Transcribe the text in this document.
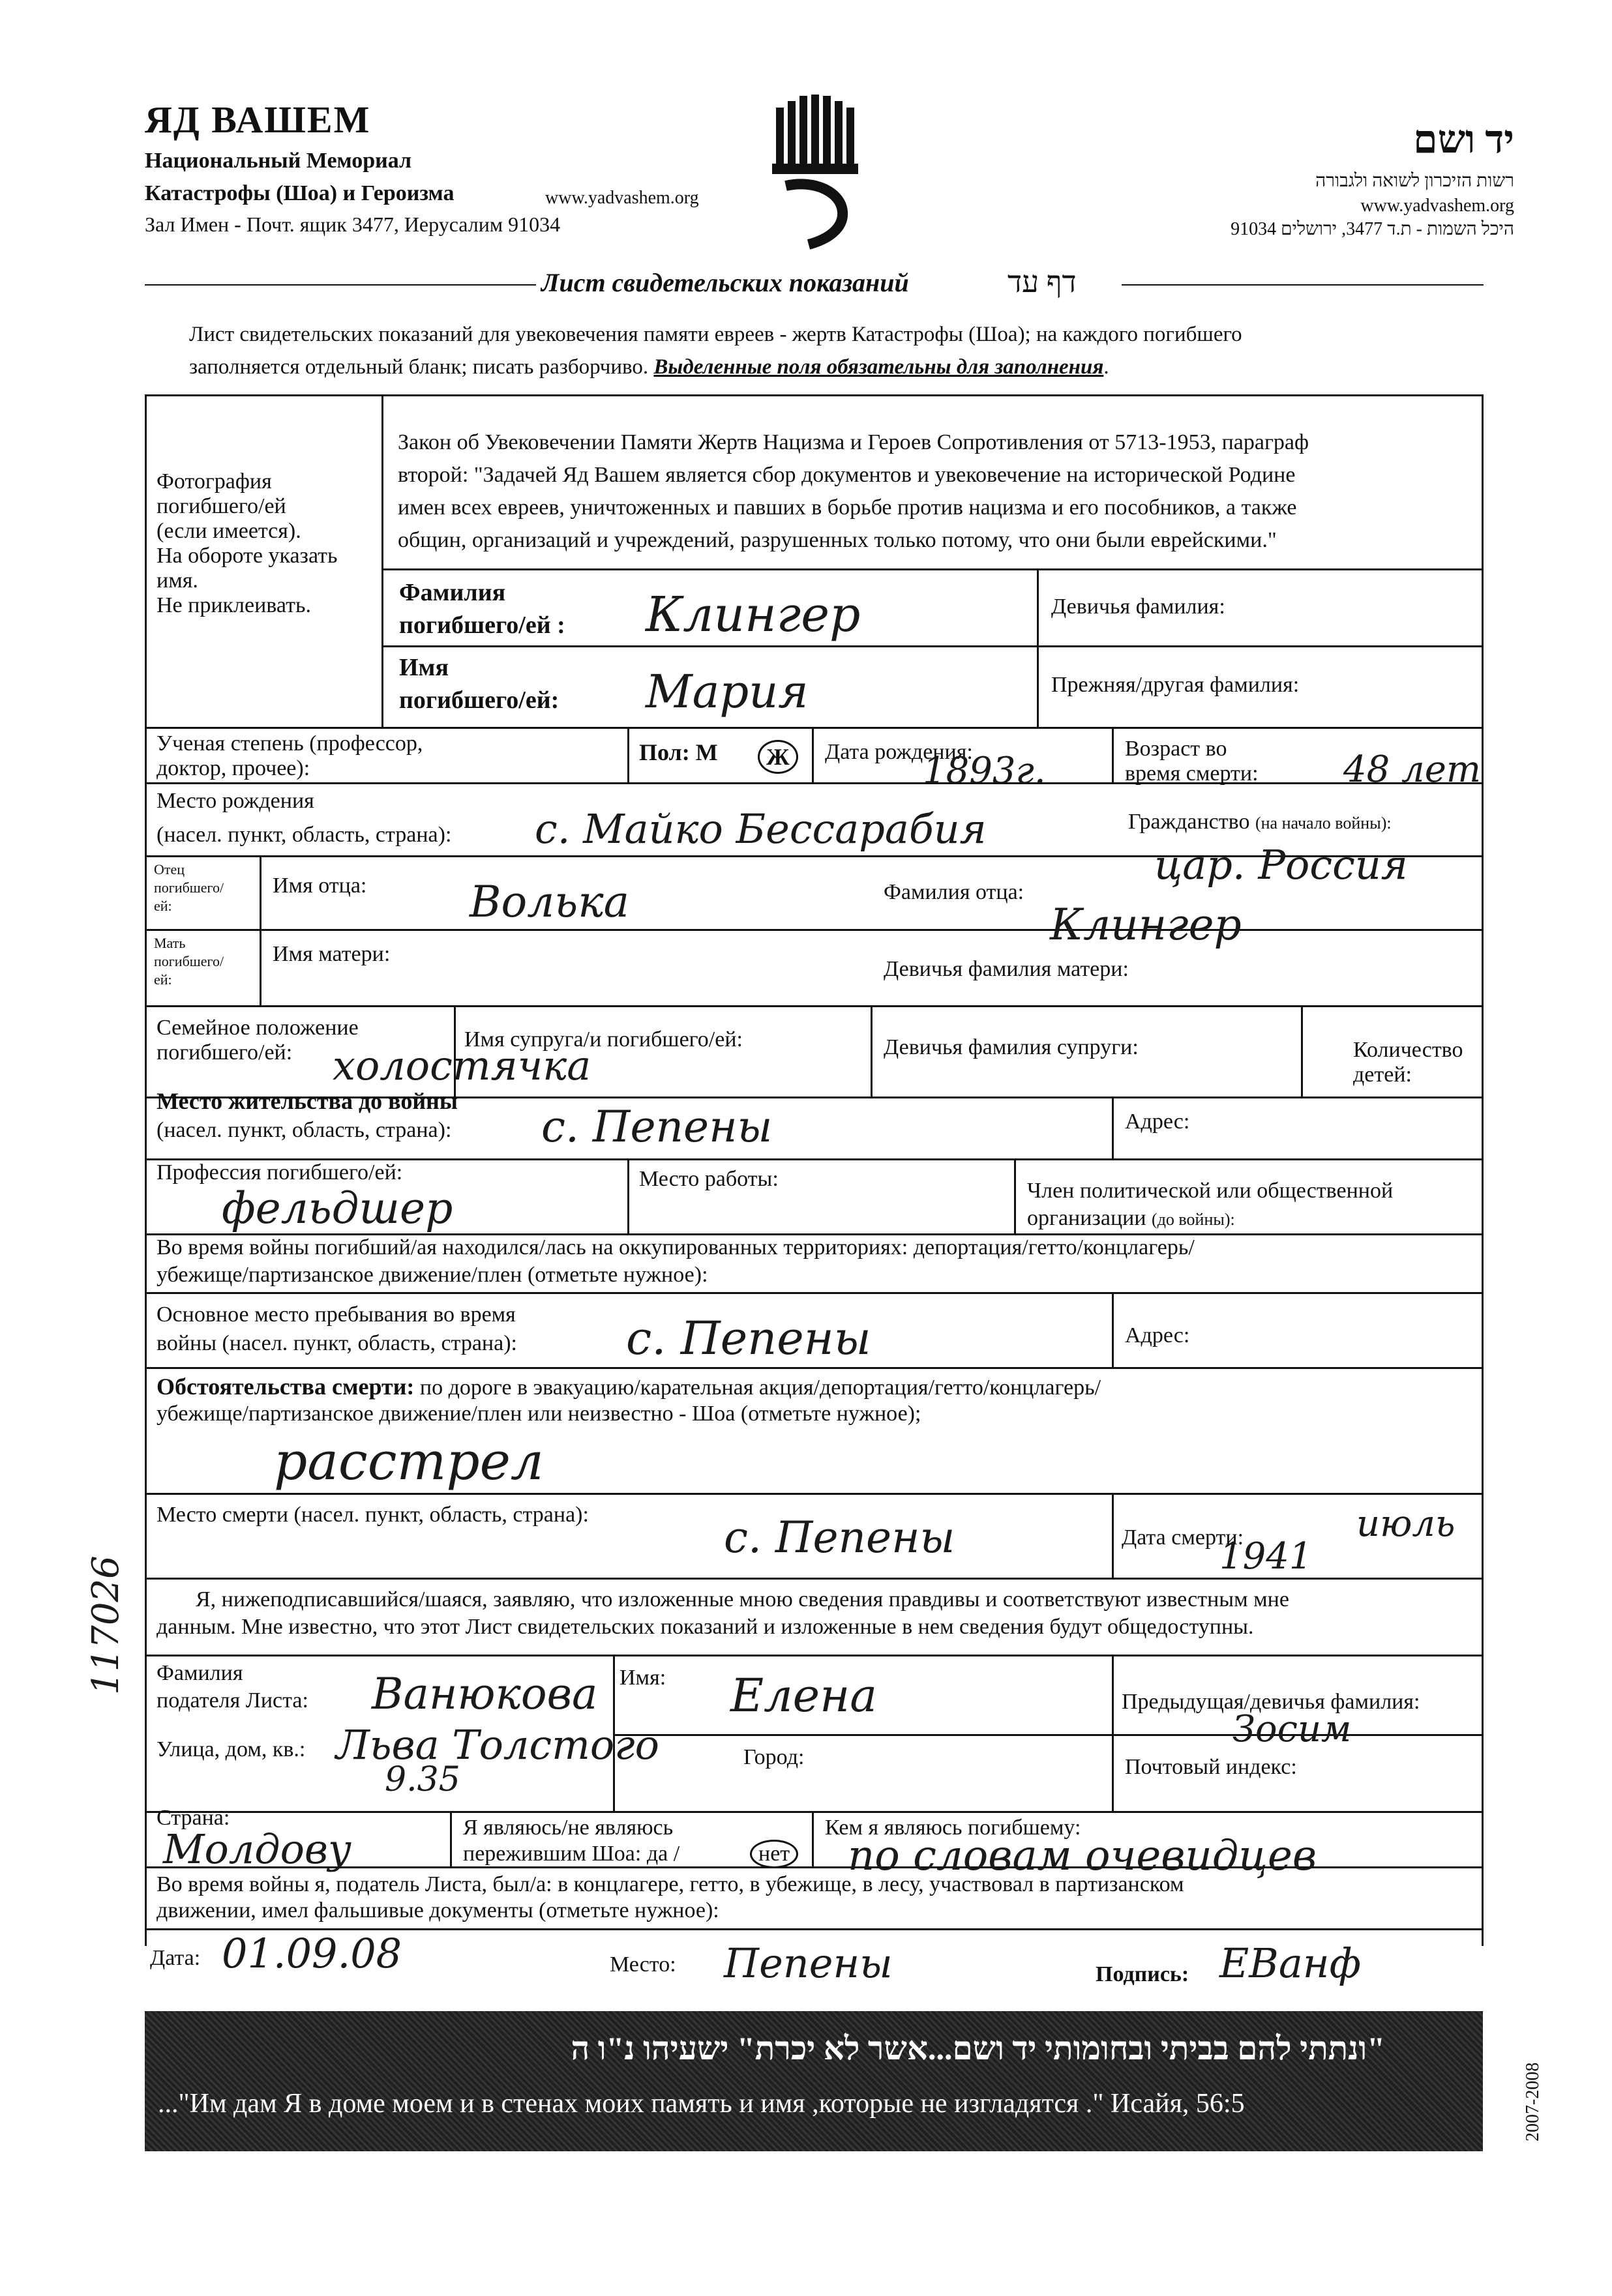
ЯД ВАШЕМ
Национальный Мемориал
Катастрофы (Шоа) и Героизма	www.yadvashem.org
Зал Имен - Почт. ящик 3477, Иерусалим 91034
יד ושם
רשות הזיכרון לשואה ולגבורה
www.yadvashem.org
היכל השמות - ת.ד 3477, ירושלים 91034
Лист свидетельских показаний	דף עד
Лист свидетельских показаний для увековечения памяти евреев - жертв Катастрофы (Шоа); на каждого погибшего
заполняется отдельный бланк; писать разборчиво. Выделенные поля обязательны для заполнения.
Фотография
погибшего/ей
(если имеется).
На обороте указать
имя.
Не приклеивать.
Закон об Увековечении Памяти Жертв Нацизма и Героев Сопротивления от 5713-1953, параграф
второй: "Задачей Яд Вашем является сбор документов и увековечение на исторической Родине
имен всех евреев, уничтоженных и павших в борьбе против нацизма и его пособников, а также
общин, организаций и учреждений, разрушенных только потому, что они были еврейскими."
Фамилия
погибшего/ей : Клингер	Девичья фамилия:
Имя
погибшего/ей: Мария	Прежняя/другая фамилия:
Ученая степень (профессор,
доктор, прочее):
Пол: М	Ж	Дата рождения:
1893г.
Возраст во
время смерти: 48 лет
Место рождения
(насел. пункт, область, страна): с. Майко Бессарабия	Гражданство (на начало войны):
цар. Россия
Отец
погибшего/
ей:
Имя отца: Волька	Фамилия отца:
Клингер
Мать
погибшего/
ей:
Имя матери:
Девичья фамилия матери:
Семейное положение
погибшего/ей: холостячка
Имя супруга/и погибшего/ей:	Девичья фамилия супруги:	Количество
детей:
Место жительства до войны
(насел. пункт, область, страна): с. Пепены	Адрес:
Профессия погибшего/ей:
фельдшер
Место работы:	Член политической или общественной
организации (до войны):
Во время войны погибший/ая находился/лась на оккупированных территориях: депортация/гетто/концлагерь/
убежище/партизанское движение/плен (отметьте нужное):
Основное место пребывания во время
войны (насел. пункт, область, страна): с. Пепены	Адрес:
Обстоятельства смерти: по дороге в эвакуацию/карательная акция/депортация/гетто/концлагерь/
убежище/партизанское движение/плен или неизвестно - Шоа (отметьте нужное);
расстрел
Место смерти (насел. пункт, область, страна):	с. Пепены	Дата смерти:
1941
июль
Я, нижеподписавшийся/шаяся, заявляю, что изложенные мною сведения правдивы и соответствуют известным мне
данным. Мне известно, что этот Лист свидетельских показаний и изложенные в нем сведения будут общедоступны.
Фамилия
подателя Листа: Ванюкова Имя: Елена	Предыдущая/девичья фамилия:
Зосим
Улица, дом, кв.: Льва Толстого
9.35
Город:	Почтовый индекс:
Страна:
Молдову	Я являюсь/не являюсь
пережившим Шоа: да /	нет
Кем я являюсь погибшему:
по словам очевидцев
Во время войны я, податель Листа, был/а: в концлагере, гетто, в убежище, в лесу, участвовал в партизанском
движении, имел фальшивые документы (отметьте нужное):
Дата: 01.09.08	Место: Пепены	Подпись: ЕВанф
117026
"ונתתי להם בביתי ובחומותי יד ושם...אשר לא יכרת" ישעיהו נ"ו ה
..."Им дам Я в доме моем и в стенах моих память и имя ,которые не изгладятся ." Исайя, 56:5	2007-2008
